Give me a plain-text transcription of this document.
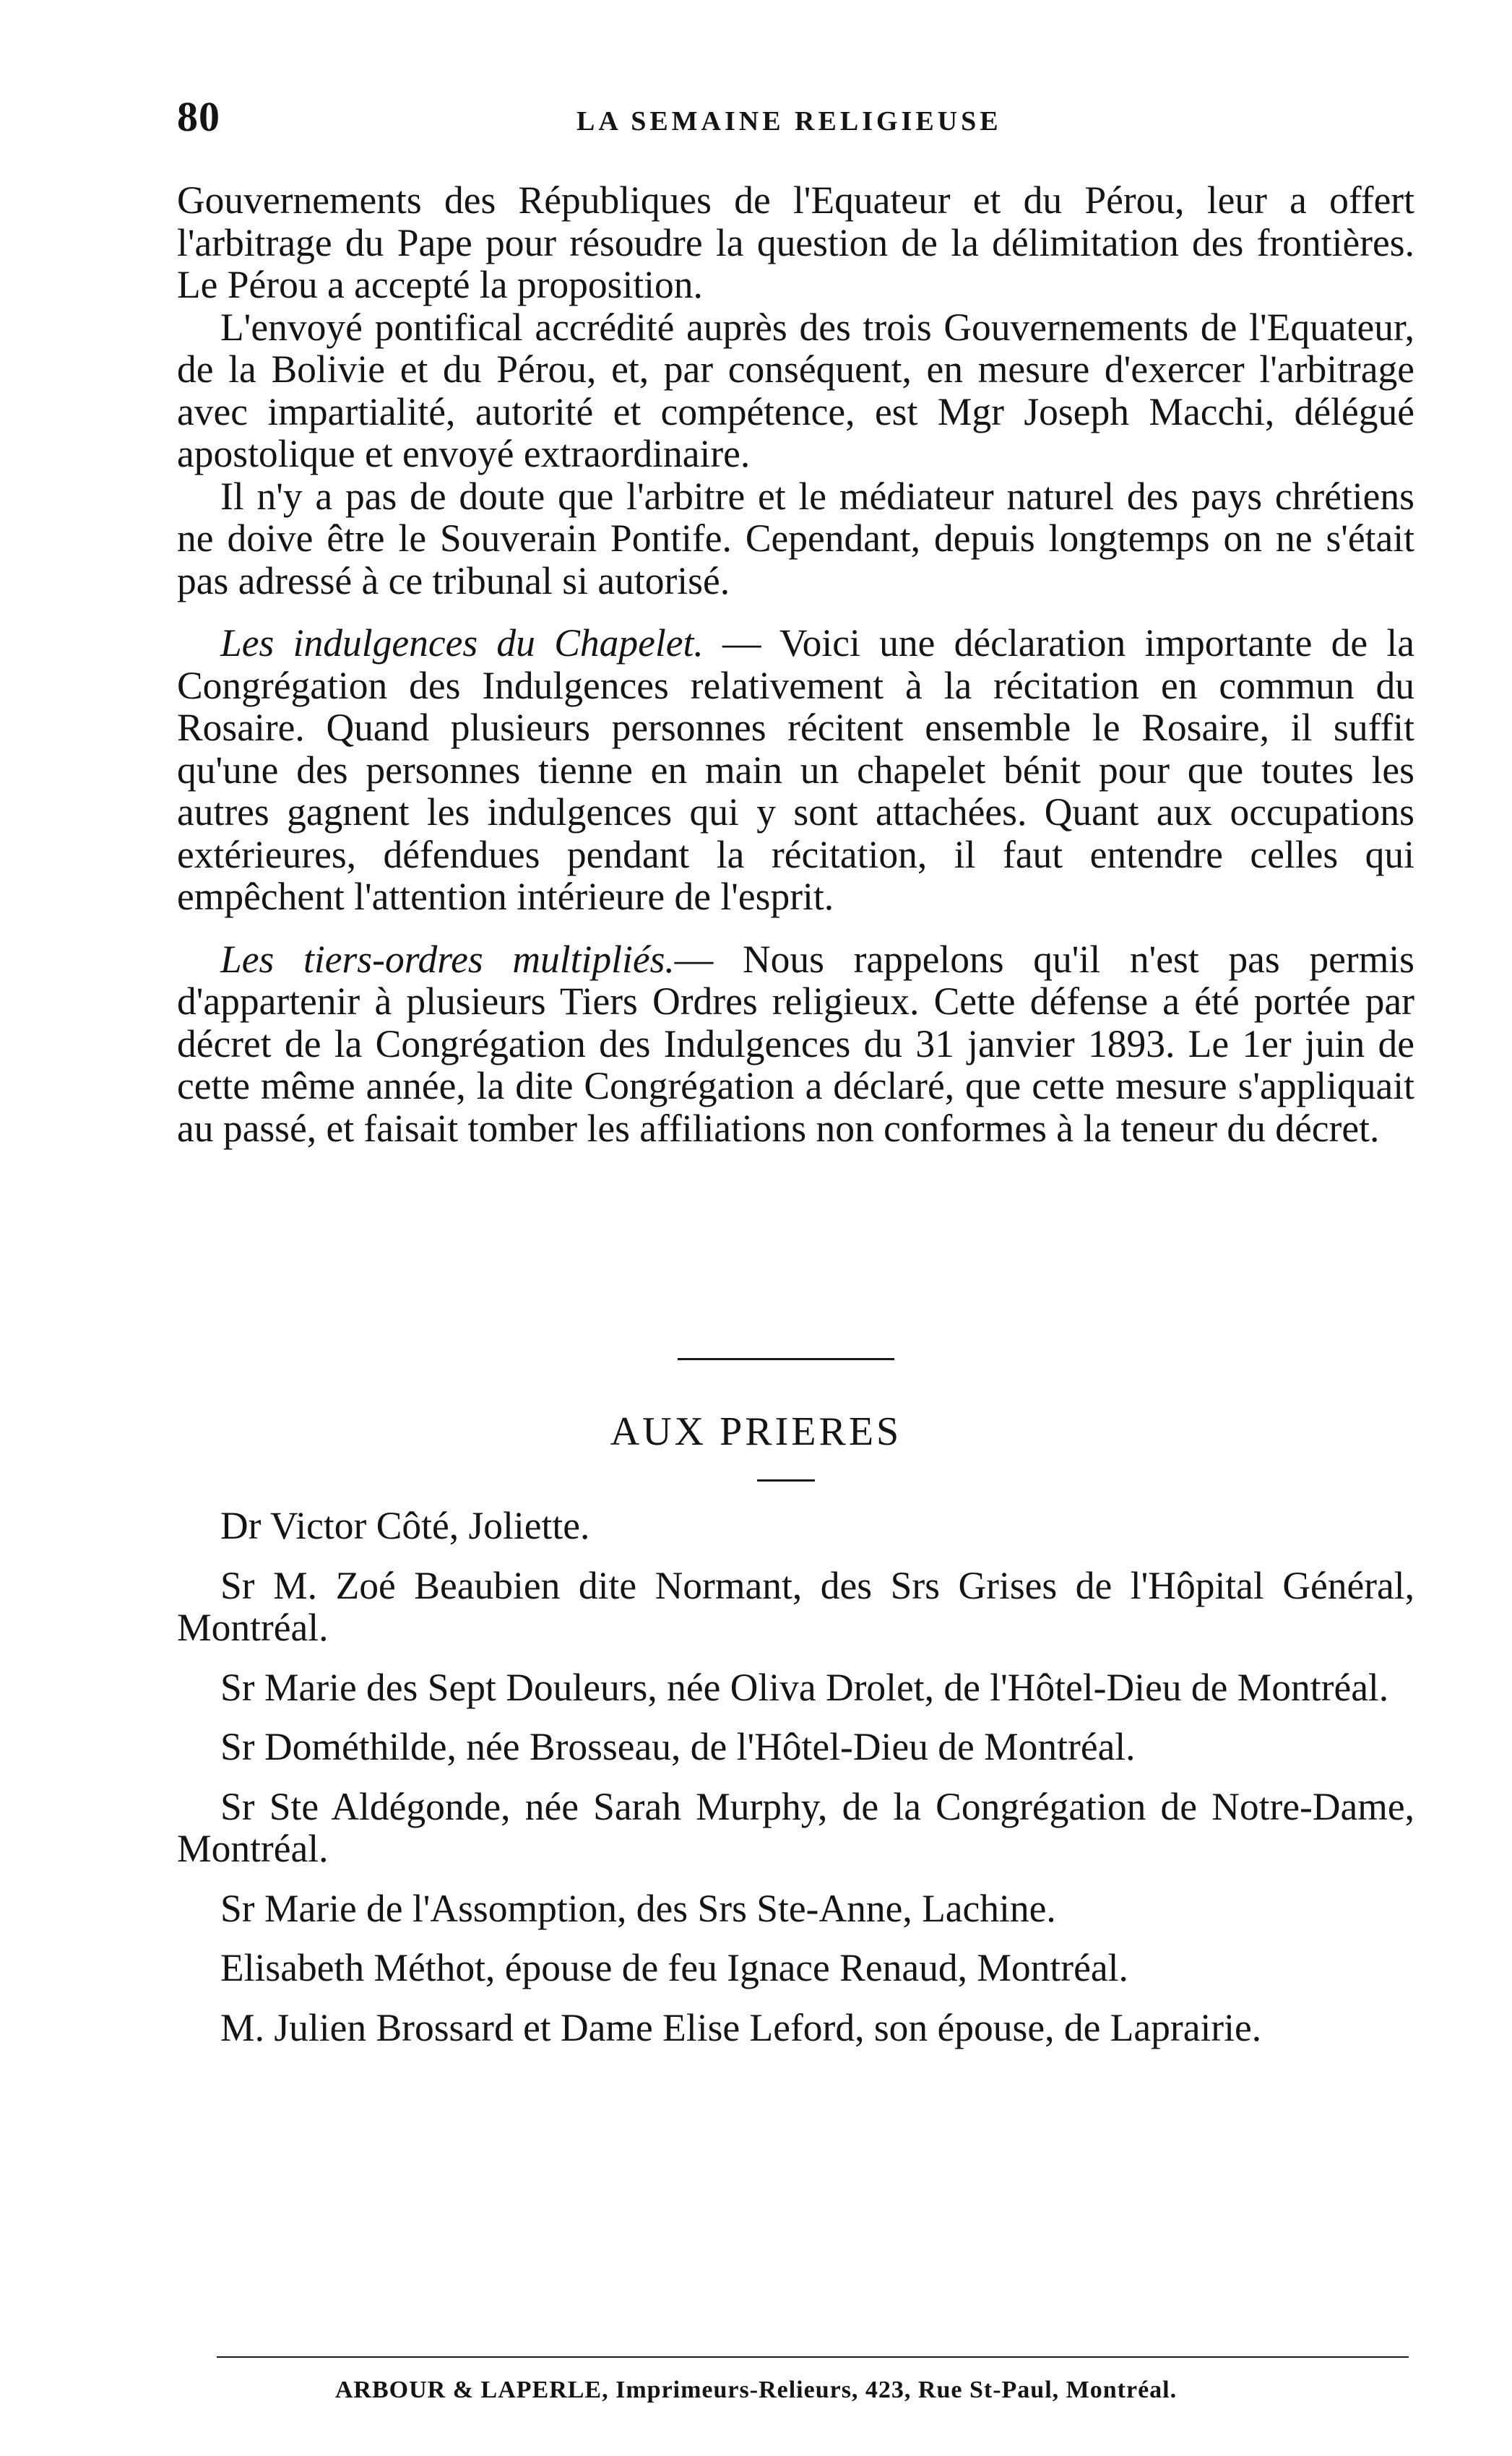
80	LA SEMAINE RELIGIEUSE

Gouvernements des Républiques de l'Equateur et du Pérou, leur a offert l'arbitrage du Pape pour résoudre la question de la délimitation des frontières. Le Pérou a accepté la proposition.

L'envoyé pontifical accrédité auprès des trois Gouvernements de l'Equateur, de la Bolivie et du Pérou, et, par conséquent, en mesure d'exercer l'arbitrage avec impartialité, autorité et compétence, est Mgr Joseph Macchi, délégué apostolique et envoyé extraordinaire.

Il n'y a pas de doute que l'arbitre et le médiateur naturel des pays chrétiens ne doive être le Souverain Pontife. Cependant, depuis longtemps on ne s'était pas adressé à ce tribunal si autorisé.

Les indulgences du Chapelet. — Voici une déclaration importante de la Congrégation des Indulgences relativement à la récitation en commun du Rosaire. Quand plusieurs personnes récitent ensemble le Rosaire, il suffit qu'une des personnes tienne en main un chapelet bénit pour que toutes les autres gagnent les indulgences qui y sont attachées. Quant aux occupations extérieures, défendues pendant la récitation, il faut entendre celles qui empêchent l'attention intérieure de l'esprit.

Les tiers-ordres multipliés.— Nous rappelons qu'il n'est pas permis d'appartenir à plusieurs Tiers Ordres religieux. Cette défense a été portée par décret de la Congrégation des Indulgences du 31 janvier 1893. Le 1er juin de cette même année, la dite Congrégation a déclaré, que cette mesure s'appliquait au passé, et faisait tomber les affiliations non conformes à la teneur du décret.

AUX PRIERES
Dr Victor Côté, Joliette.
Sr M. Zoé Beaubien dite Normant, des Srs Grises de l'Hôpital Général, Montréal.
Sr Marie des Sept Douleurs, née Oliva Drolet, de l'Hôtel-Dieu de Montréal.
Sr Dométhilde, née Brosseau, de l'Hôtel-Dieu de Montréal.
Sr Ste Aldégonde, née Sarah Murphy, de la Congrégation de Notre-Dame, Montréal.
Sr Marie de l'Assomption, des Srs Ste-Anne, Lachine.
Elisabeth Méthot, épouse de feu Ignace Renaud, Montréal.
M. Julien Brossard et Dame Elise Leford, son épouse, de Laprairie.
ARBOUR & LAPERLE, Imprimeurs-Relieurs, 423, Rue St-Paul, Montréal.
